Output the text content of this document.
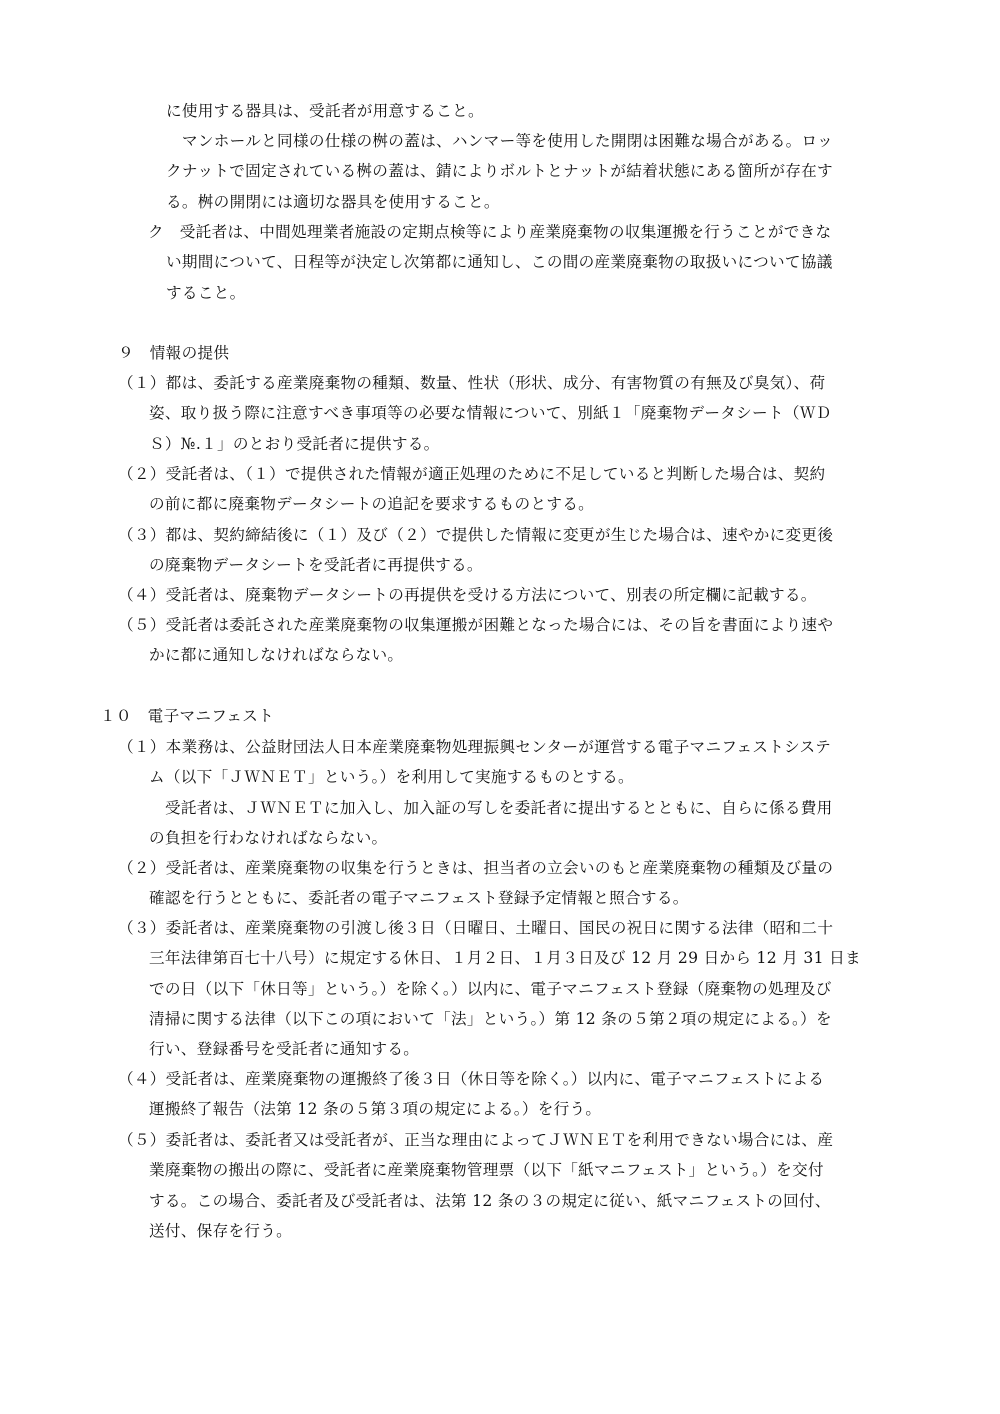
に使用する器具は、受託者が用意すること。

マンホールと同様の仕様の桝の蓋は、ハンマー等を使用した開閉は困難な場合がある。ロッ
クナットで固定されている桝の蓋は、錆によりボルトとナットが結着状態にある箇所が存在す
る。桝の開閉には適切な器具を使用すること。
ク　受託者は、中間処理業者施設の定期点検等により産業廃棄物の収集運搬を行うことができな
い期間について、日程等が決定し次第都に通知し、この間の産業廃棄物の取扱いについて協議
すること。

９　情報の提供

（１）都は、委託する産業廃棄物の種類、数量、性状（形状、成分、有害物質の有無及び臭気）、荷
姿、取り扱う際に注意すべき事項等の必要な情報について、別紙１「廃棄物データシート（ＷＤ
Ｓ）№.１」のとおり受託者に提供する。
（２）受託者は、（１）で提供された情報が適正処理のために不足していると判断した場合は、契約
の前に都に廃棄物データシートの追記を要求するものとする。
（３）都は、契約締結後に（１）及び（２）で提供した情報に変更が生じた場合は、速やかに変更後
の廃棄物データシートを受託者に再提供する。
（４）受託者は、廃棄物データシートの再提供を受ける方法について、別表の所定欄に記載する。
（５）受託者は委託された産業廃棄物の収集運搬が困難となった場合には、その旨を書面により速や
かに都に通知しなければならない。

１０　電子マニフェスト

（１）本業務は、公益財団法人日本産業廃棄物処理振興センターが運営する電子マニフェストシステ
ム（以下「ＪＷＮＥＴ」という。）を利用して実施するものとする。
受託者は、ＪＷＮＥＴに加入し、加入証の写しを委託者に提出するとともに、自らに係る費用
の負担を行わなければならない。
（２）受託者は、産業廃棄物の収集を行うときは、担当者の立会いのもと産業廃棄物の種類及び量の
確認を行うとともに、委託者の電子マニフェスト登録予定情報と照合する。
（３）委託者は、産業廃棄物の引渡し後３日（日曜日、土曜日、国民の祝日に関する法律（昭和二十
三年法律第百七十八号）に規定する休日、１月２日、１月３日及び 12 月 29 日から 12 月 31 日ま
での日（以下「休日等」という。）を除く。）以内に、電子マニフェスト登録（廃棄物の処理及び
清掃に関する法律（以下この項において「法」という。）第 12 条の５第２項の規定による。）を
行い、登録番号を受託者に通知する。
（４）受託者は、産業廃棄物の運搬終了後３日（休日等を除く。）以内に、電子マニフェストによる
運搬終了報告（法第 12 条の５第３項の規定による。）を行う。
（５）委託者は、委託者又は受託者が、正当な理由によってＪＷＮＥＴを利用できない場合には、産
業廃棄物の搬出の際に、受託者に産業廃棄物管理票（以下「紙マニフェスト」という。）を交付
する。この場合、委託者及び受託者は、法第 12 条の３の規定に従い、紙マニフェストの回付、
送付、保存を行う。
